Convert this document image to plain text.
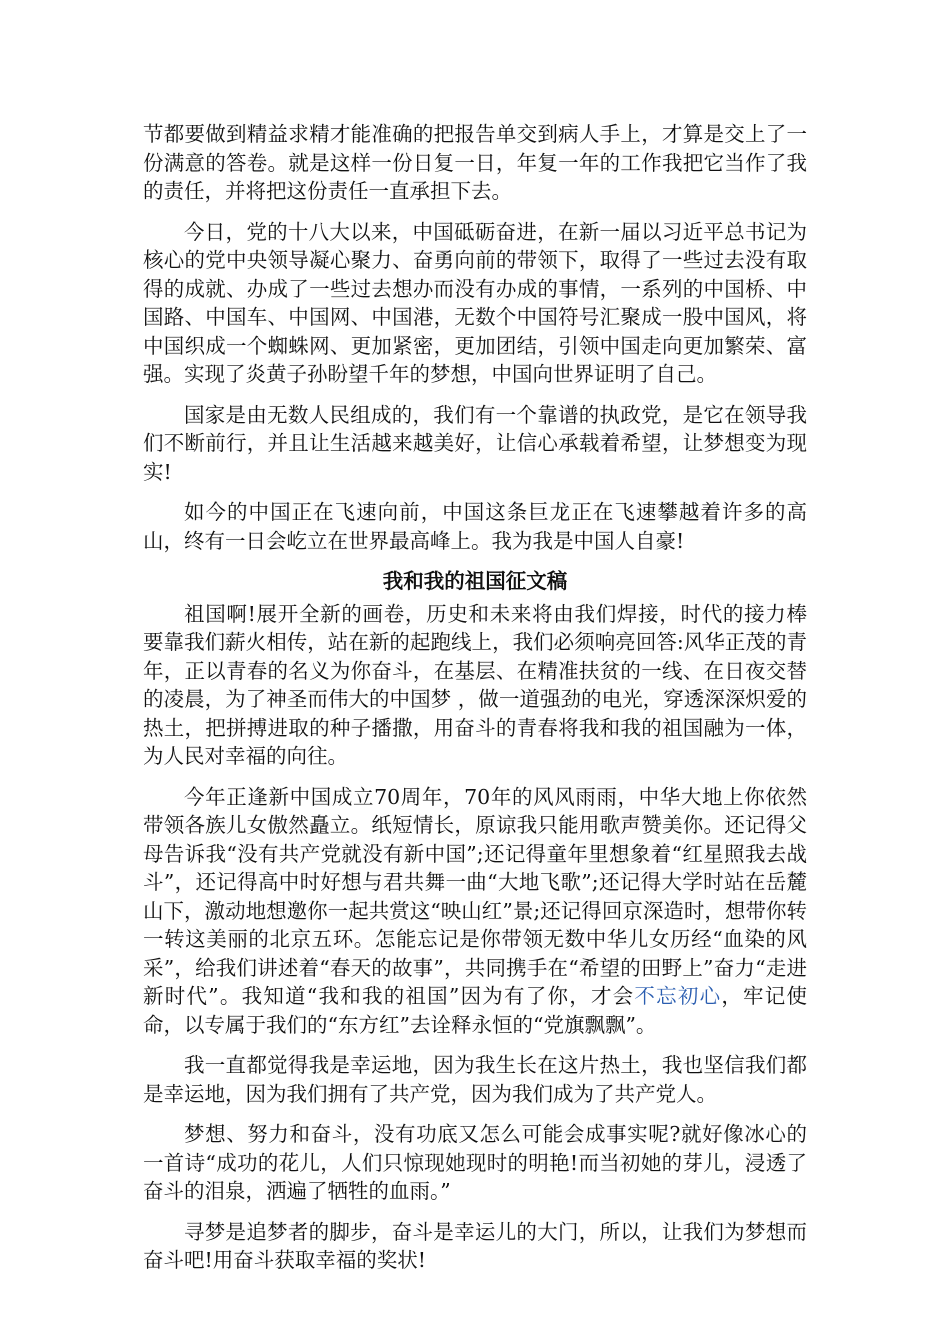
节都要做到精益求精才能准确的把报告单交到病人手上，才算是交上了一份满意的答卷。就是这样一份日复一日，年复一年的工作我把它当作了我的责任，并将把这份责任一直承担下去。

今日，党的十八大以来，中国砥砺奋进，在新一届以习近平总书记为核心的党中央领导凝心聚力、奋勇向前的带领下，取得了一些过去没有取得的成就、办成了一些过去想办而没有办成的事情，一系列的中国桥、中国路、中国车、中国网、中国港，无数个中国符号汇聚成一股中国风，将中国织成一个蜘蛛网、更加紧密，更加团结，引领中国走向更加繁荣、富强。实现了炎黄子孙盼望千年的梦想，中国向世界证明了自己。

国家是由无数人民组成的，我们有一个靠谱的执政党，是它在领导我们不断前行，并且让生活越来越美好，让信心承载着希望，让梦想变为现实!

如今的中国正在飞速向前，中国这条巨龙正在飞速攀越着许多的高山，终有一日会屹立在世界最高峰上。我为我是中国人自豪!

我和我的祖国征文稿

祖国啊!展开全新的画卷，历史和未来将由我们焊接，时代的接力棒要靠我们薪火相传，站在新的起跑线上，我们必须响亮回答:风华正茂的青年，正以青春的名义为你奋斗，在基层、在精准扶贫的一线、在日夜交替的凌晨，为了神圣而伟大的中国梦 ，做一道强劲的电光，穿透深深炽爱的热土，把拼搏进取的种子播撒，用奋斗的青春将我和我的祖国融为一体，为人民对幸福的向往。

今年正逢新中国成立70周年，70年的风风雨雨，中华大地上你依然带领各族儿女傲然矗立。纸短情长，原谅我只能用歌声赞美你。还记得父母告诉我“没有共产党就没有新中国”;还记得童年里想象着“红星照我去战斗”，还记得高中时好想与君共舞一曲“大地飞歌”;还记得大学时站在岳麓山下，激动地想邀你一起共赏这“映山红”景;还记得回京深造时，想带你转一转这美丽的北京五环。怎能忘记是你带领无数中华儿女历经“血染的风采”，给我们讲述着“春天的故事”，共同携手在“希望的田野上”奋力“走进新时代”。我知道“我和我的祖国”因为有了你，才会不忘初心，牢记使命，以专属于我们的“东方红”去诠释永恒的“党旗飘飘”。

我一直都觉得我是幸运地，因为我生长在这片热土，我也坚信我们都是幸运地，因为我们拥有了共产党，因为我们成为了共产党人。

梦想、努力和奋斗，没有功底又怎么可能会成事实呢?就好像冰心的一首诗“成功的花儿，人们只惊现她现时的明艳!而当初她的芽儿，浸透了奋斗的泪泉，洒遍了牺牲的血雨。”

寻梦是追梦者的脚步，奋斗是幸运儿的大门，所以，让我们为梦想而奋斗吧!用奋斗获取幸福的奖状!
